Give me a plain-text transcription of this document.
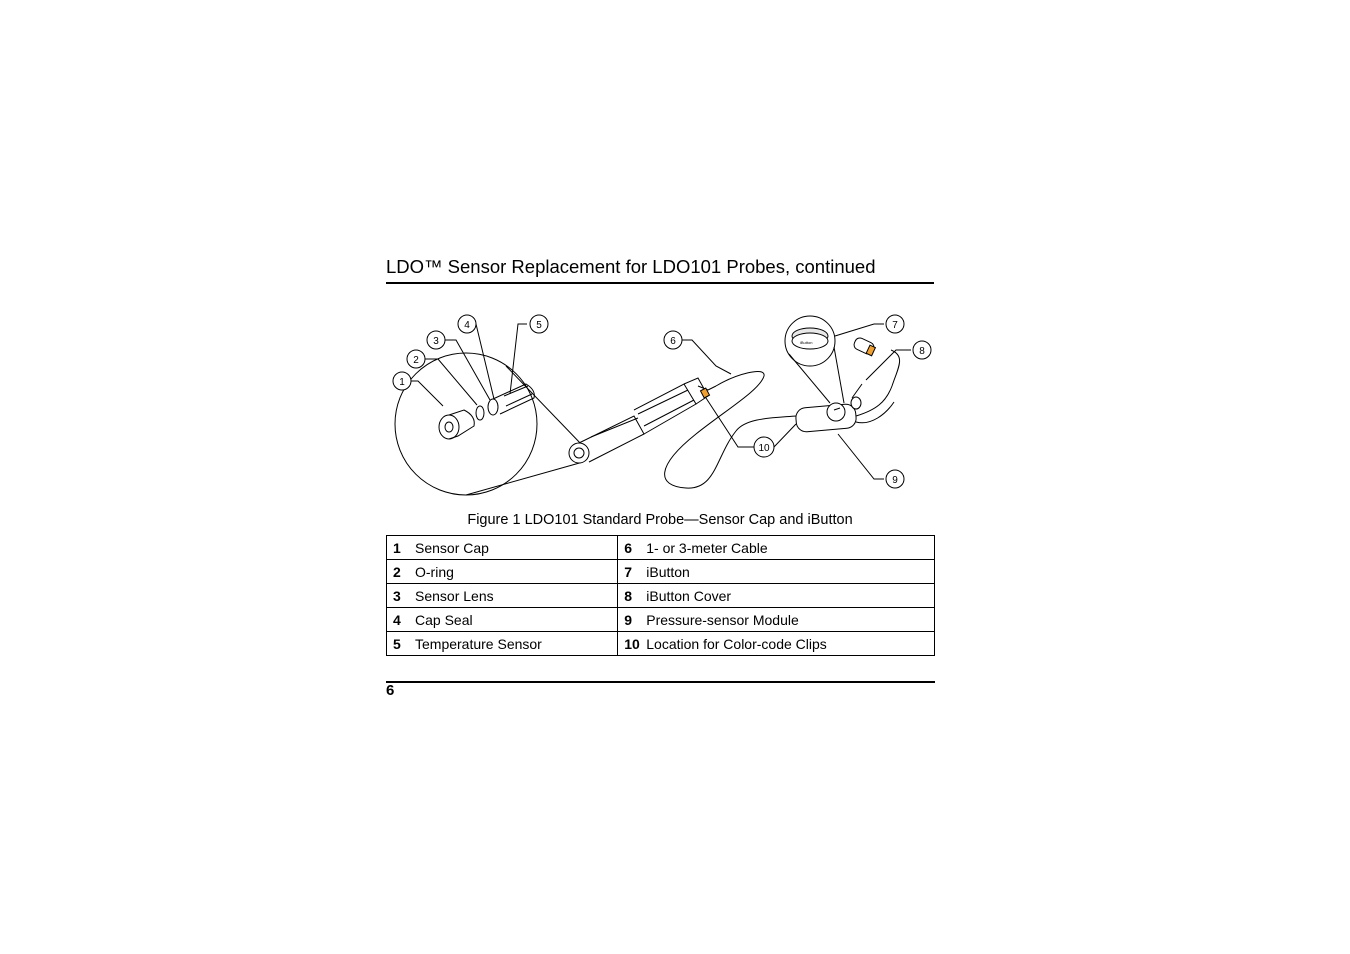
LDO™ Sensor Replacement for LDO101 Probes, continued
iButton
1
2
3
4	5
6
7
8
9
10
Figure 1 LDO101 Standard Probe—Sensor Cap and iButton
1	Sensor Cap	6	1- or 3-meter Cable
2	O-ring	7	iButton
3	Sensor Lens	8	iButton Cover
4	Cap Seal	9	Pressure-sensor Module
5	Temperature Sensor	10	Location for Color-code Clips
6
